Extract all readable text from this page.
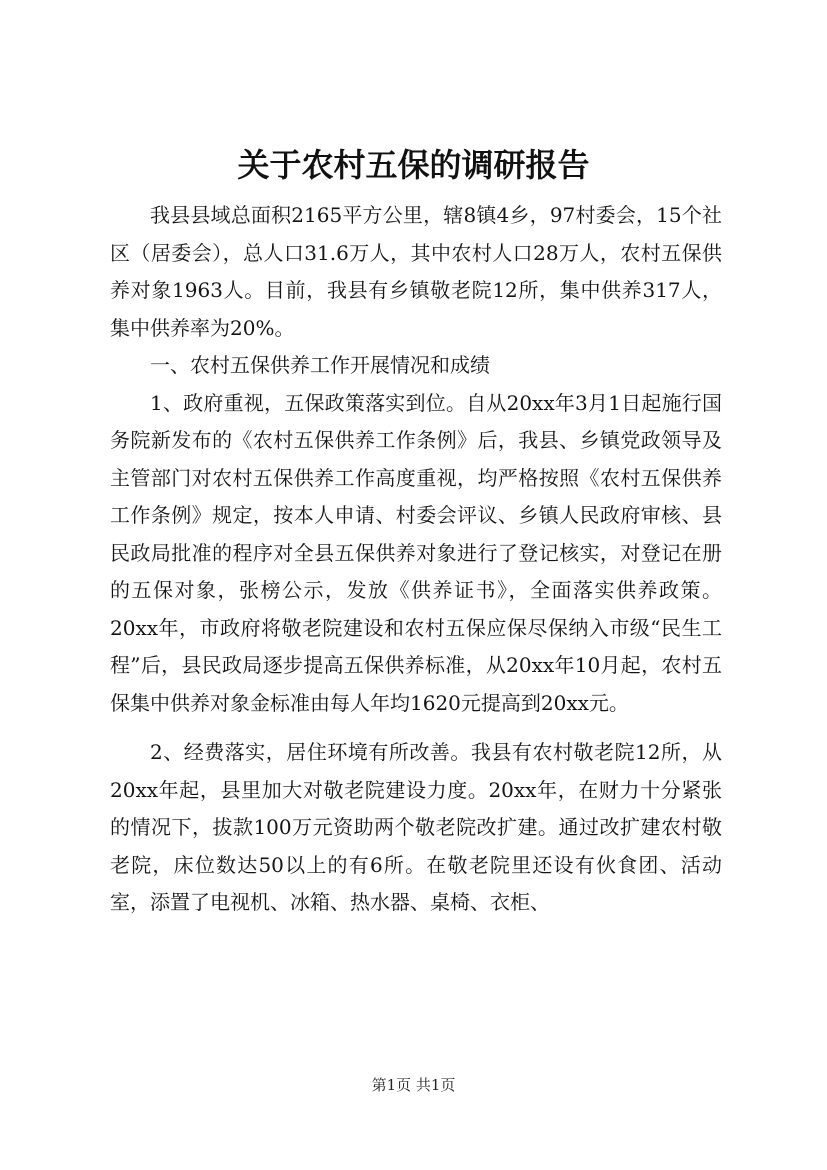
关于农村五保的调研报告

我县县域总面积2165平方公里，辖8镇4乡，97村委会，15个社区（居委会），总人口31.6万人，其中农村人口28万人，农村五保供养对象1963人。目前，我县有乡镇敬老院12所，集中供养317人，集中供养率为20%。

一、农村五保供养工作开展情况和成绩

1、政府重视，五保政策落实到位。自从20xx年3月1日起施行国务院新发布的《农村五保供养工作条例》后，我县、乡镇党政领导及主管部门对农村五保供养工作高度重视，均严格按照《农村五保供养工作条例》规定，按本人申请、村委会评议、乡镇人民政府审核、县民政局批准的程序对全县五保供养对象进行了登记核实，对登记在册的五保对象，张榜公示，发放《供养证书》，全面落实供养政策。20xx年，市政府将敬老院建设和农村五保应保尽保纳入市级“民生工程”后，县民政局逐步提高五保供养标准，从20xx年10月起，农村五保集中供养对象金标准由每人年均1620元提高到20xx元。

2、经费落实，居住环境有所改善。我县有农村敬老院12所，从20xx年起，县里加大对敬老院建设力度。20xx年，在财力十分紧张的情况下，拔款100万元资助两个敬老院改扩建。通过改扩建农村敬老院，床位数达50以上的有6所。在敬老院里还设有伙食团、活动室，添置了电视机、冰箱、热水器、桌椅、衣柜、

第1页 共1页
